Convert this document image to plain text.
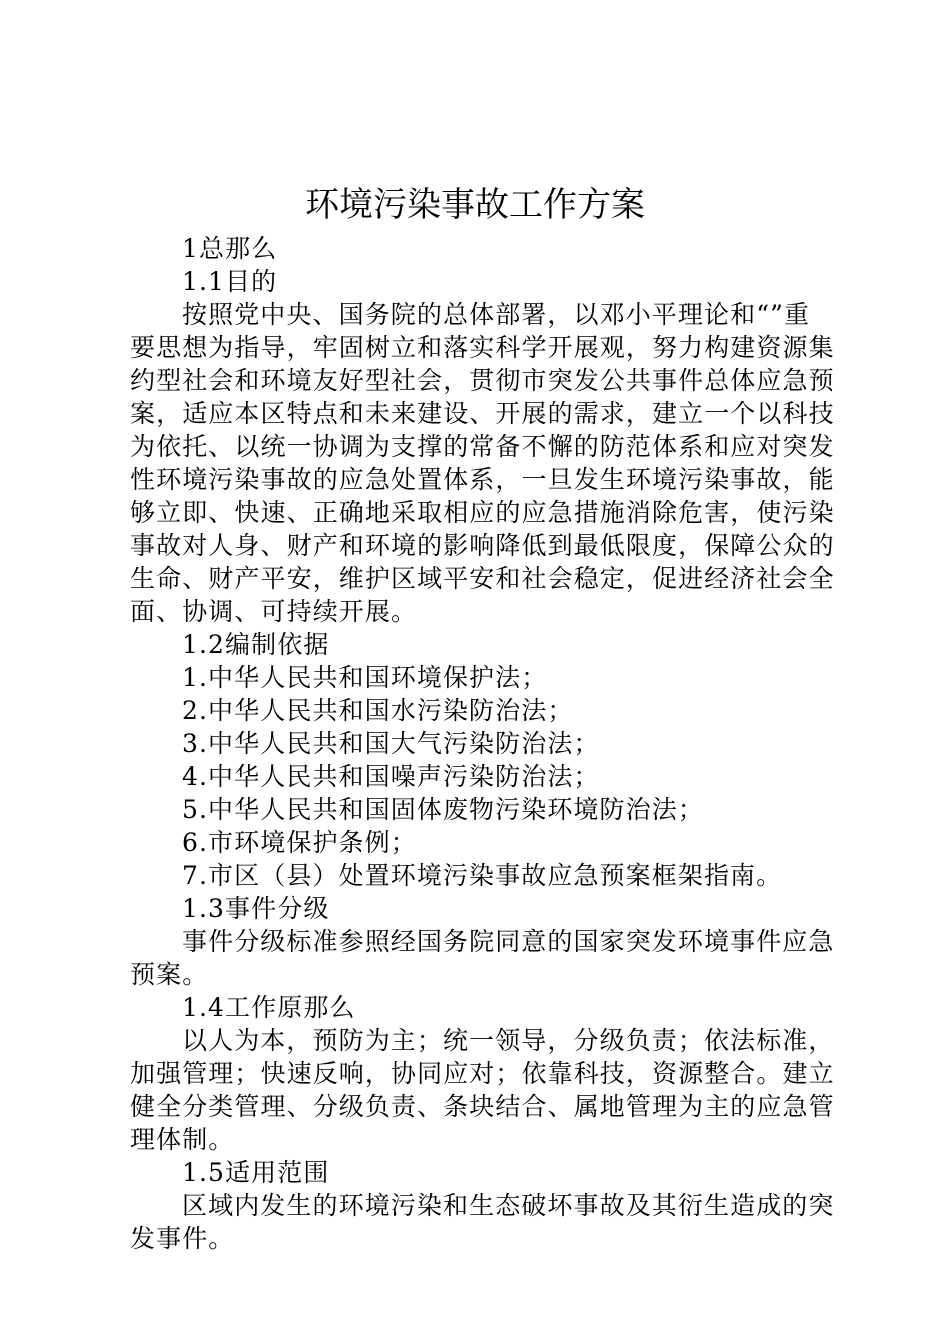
环境污染事故工作方案
1总那么
1.1目的
按照党中央、国务院的总体部署，以邓小平理论和“”重
要思想为指导，牢固树立和落实科学开展观，努力构建资源集
约型社会和环境友好型社会，贯彻市突发公共事件总体应急预
案，适应本区特点和未来建设、开展的需求，建立一个以科技
为依托、以统一协调为支撑的常备不懈的防范体系和应对突发
性环境污染事故的应急处置体系，一旦发生环境污染事故，能
够立即、快速、正确地采取相应的应急措施消除危害，使污染
事故对人身、财产和环境的影响降低到最低限度，保障公众的
生命、财产平安，维护区域平安和社会稳定，促进经济社会全
面、协调、可持续开展。
1.2编制依据
1.中华人民共和国环境保护法；
2.中华人民共和国水污染防治法；
3.中华人民共和国大气污染防治法；
4.中华人民共和国噪声污染防治法；
5.中华人民共和国固体废物污染环境防治法；
6.市环境保护条例；
7.市区（县）处置环境污染事故应急预案框架指南。
1.3事件分级
事件分级标准参照经国务院同意的国家突发环境事件应急
预案。
1.4工作原那么
以人为本，预防为主；统一领导，分级负责；依法标准，
加强管理；快速反响，协同应对；依靠科技，资源整合。建立
健全分类管理、分级负责、条块结合、属地管理为主的应急管
理体制。
1.5适用范围
区域内发生的环境污染和生态破坏事故及其衍生造成的突
发事件。
